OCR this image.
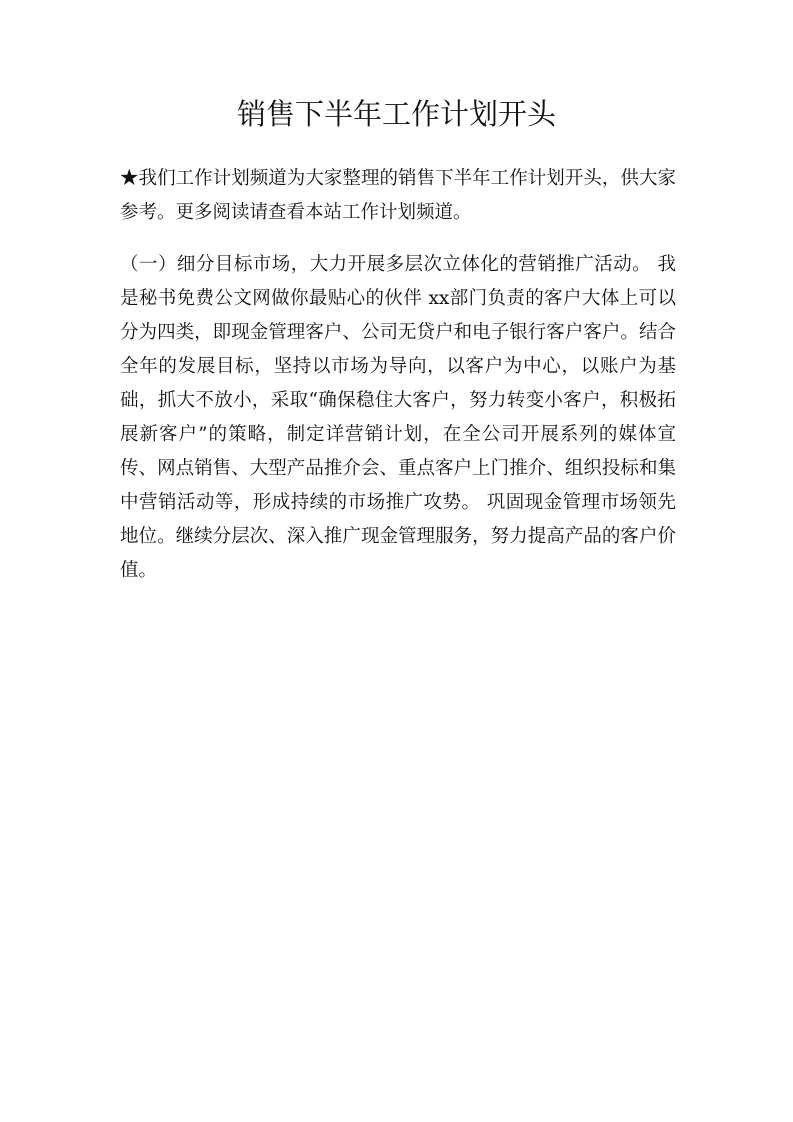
销售下半年工作计划开头

★我们工作计划频道为大家整理的销售下半年工作计划开头，供大家参考。更多阅读请查看本站工作计划频道。

（一）细分目标市场，大力开展多层次立体化的营销推广活动。 我是秘书免费公文网做你最贴心的伙伴 xx部门负责的客户大体上可以分为四类，即现金管理客户、公司无贷户和电子银行客户客户。结合全年的发展目标，坚持以市场为导向，以客户为中心，以账户为基础，抓大不放小，采取“确保稳住大客户，努力转变小客户，积极拓展新客户”的策略，制定详营销计划，在全公司开展系列的媒体宣传、网点销售、大型产品推介会、重点客户上门推介、组织投标和集中营销活动等，形成持续的市场推广攻势。 巩固现金管理市场领先地位。继续分层次、深入推广现金管理服务，努力提高产品的客户价值。
